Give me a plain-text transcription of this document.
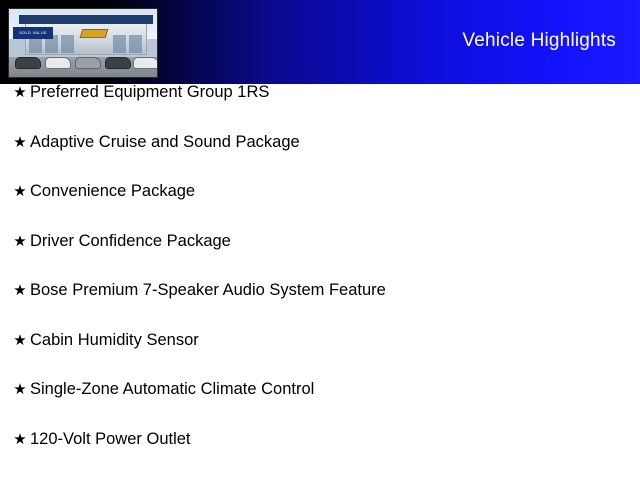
SOLD VALUE	Vehicle Highlights
★ Preferred Equipment Group 1RS
★ Adaptive Cruise and Sound Package
★ Convenience Package
★ Driver Confidence Package
★ Bose Premium 7-Speaker Audio System Feature
★ Cabin Humidity Sensor
★ Single-Zone Automatic Climate Control
★ 120-Volt Power Outlet
